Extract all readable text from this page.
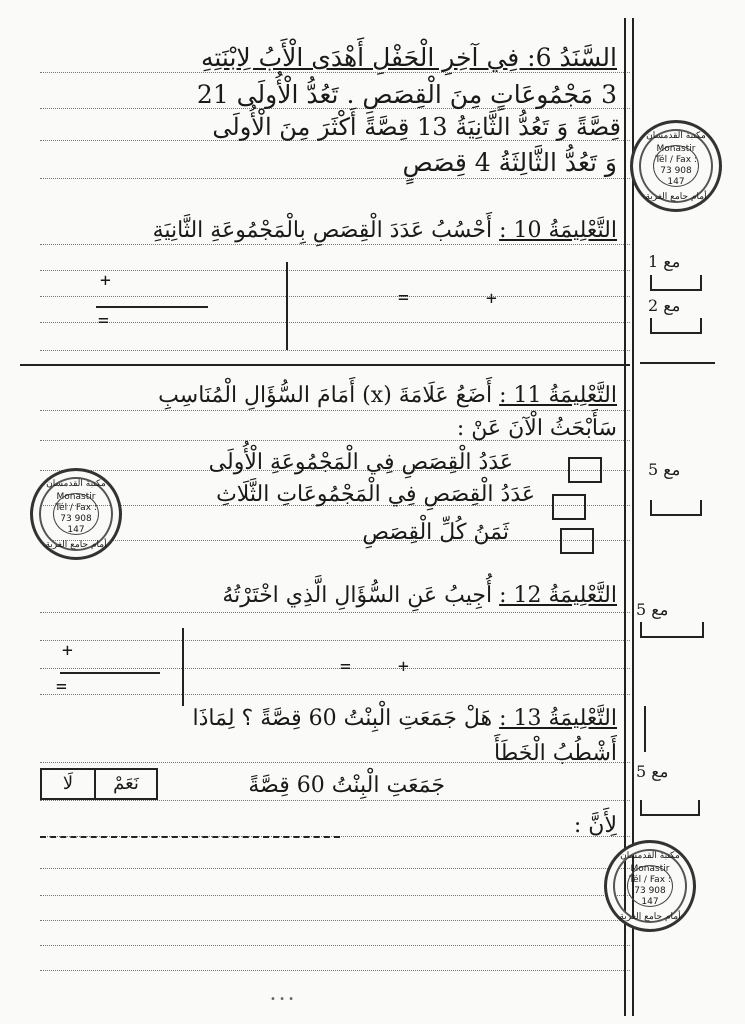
السَّنَدُ 6: فِي آخِرِ الْحَفْلِ أَهْدَى الْأَبُ لِابْنَتِهِ
3 مَجْمُوعَاتٍ مِنَ الْقِصَصِ . تَعُدُّ الْأُولَى 21
قِصَّةً وَ تَعُدُّ الثَّانِيَةُ 13 قِصَّةً أَكْثَرَ مِنَ الْأُولَى
وَ تَعُدُّ الثَّالِثَةُ 4 قِصَصٍ
التَّعْلِيمَةُ 10 : أَحْسُبُ عَدَدَ الْقِصَصِ بِالْمَجْمُوعَةِ الثَّانِيَةِ
+
=
=	+
مع 1
مع 2
التَّعْلِيمَةُ 11 : أَضَعُ عَلَامَةَ (x) أَمَامَ السُّؤَالِ الْمُنَاسِبِ
سَأَبْحَثُ الْآنَ عَنْ :
عَدَدُ الْقِصَصِ فِي الْمَجْمُوعَةِ الْأُولَى
عَدَدُ الْقِصَصِ فِي الْمَجْمُوعَاتِ الثَّلَاثِ
ثَمَنُ كُلِّ الْقِصَصِ
مع 5
التَّعْلِيمَةُ 12 : أُجِيبُ عَنِ السُّؤَالِ الَّذِي اخْتَرْتُهُ
+
=
=	+
مع 5
التَّعْلِيمَةُ 13 : هَلْ جَمَعَتِ الْبِنْتُ 60 قِصَّةً ؟ لِمَاذَا
أَشْطُبُ الْخَطَأَ
لَا	نَعَمْ	جَمَعَتِ الْبِنْتُ 60 قِصَّةً
لِأَنَّ :
مع 5
مكتبة القدمسان
Monastir
Tél / Fax :
73 908 147
أمام جامع الغربة
مكتبة القدمسان
Monastir
Tél / Fax :
73 908 147
أمام جامع الغربة
مكتبة القدمسان
Monastir
Tél / Fax :
73 908 147
أمام جامع الغربة
• • •
